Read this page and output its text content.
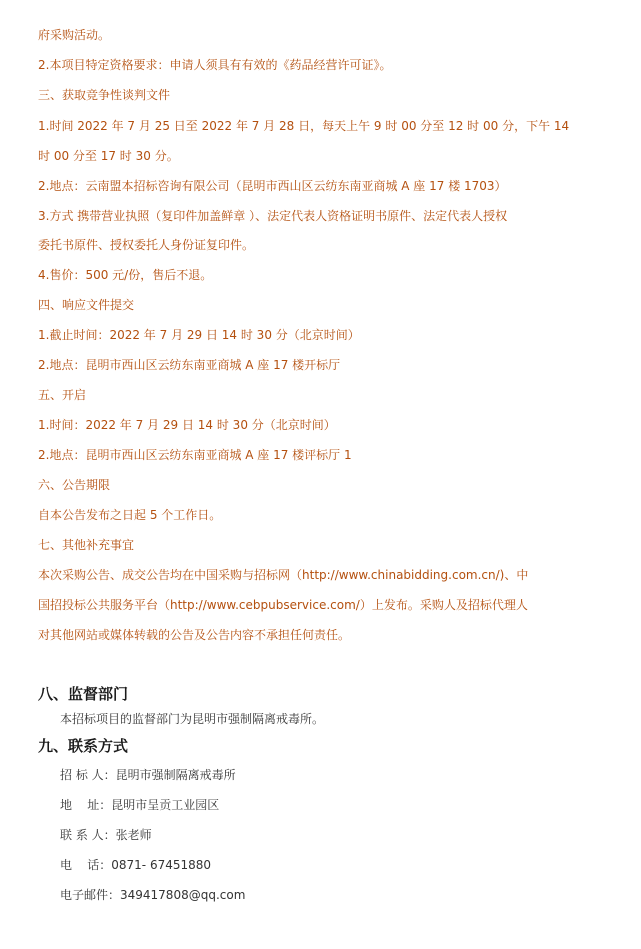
府采购活动。
2.本项目特定资格要求：申请人须具有有效的《药品经营许可证》。
三、获取竞争性谈判文件
1.时间 2022 年 7 月 25 日至 2022 年 7 月 28 日，每天上午 9 时 00 分至 12 时 00 分，下午 14
时 00 分至 17 时 30 分。
2.地点：云南盟本招标咨询有限公司（昆明市西山区云纺东南亚商城 A 座 17 楼 1703）
3.方式 携带营业执照（复印件加盖鲜章 ）、法定代表人资格证明书原件、法定代表人授权
委托书原件、授权委托人身份证复印件。
4.售价：500 元/份，售后不退。
四、响应文件提交
1.截止时间：2022 年 7 月 29 日 14 时 30 分（北京时间）
2.地点：昆明市西山区云纺东南亚商城 A 座 17 楼开标厅
五、开启
1.时间：2022 年 7 月 29 日 14 时 30 分（北京时间）
2.地点：昆明市西山区云纺东南亚商城 A 座 17 楼评标厅 1
六、公告期限
自本公告发布之日起 5 个工作日。
七、其他补充事宜
本次采购公告、成交公告均在中国采购与招标网（http://www.chinabidding.com.cn/)、中
国招投标公共服务平台（http://www.cebpubservice.com/）上发布。采购人及招标代理人
对其他网站或媒体转载的公告及公告内容不承担任何责任。
八、监督部门
本招标项目的监督部门为昆明市强制隔离戒毒所。
九、联系方式
招 标 人：昆明市强制隔离戒毒所
地    址：昆明市呈贡工业园区
联 系 人：张老师
电    话：0871- 67451880
电子邮件：349417808@qq.com
